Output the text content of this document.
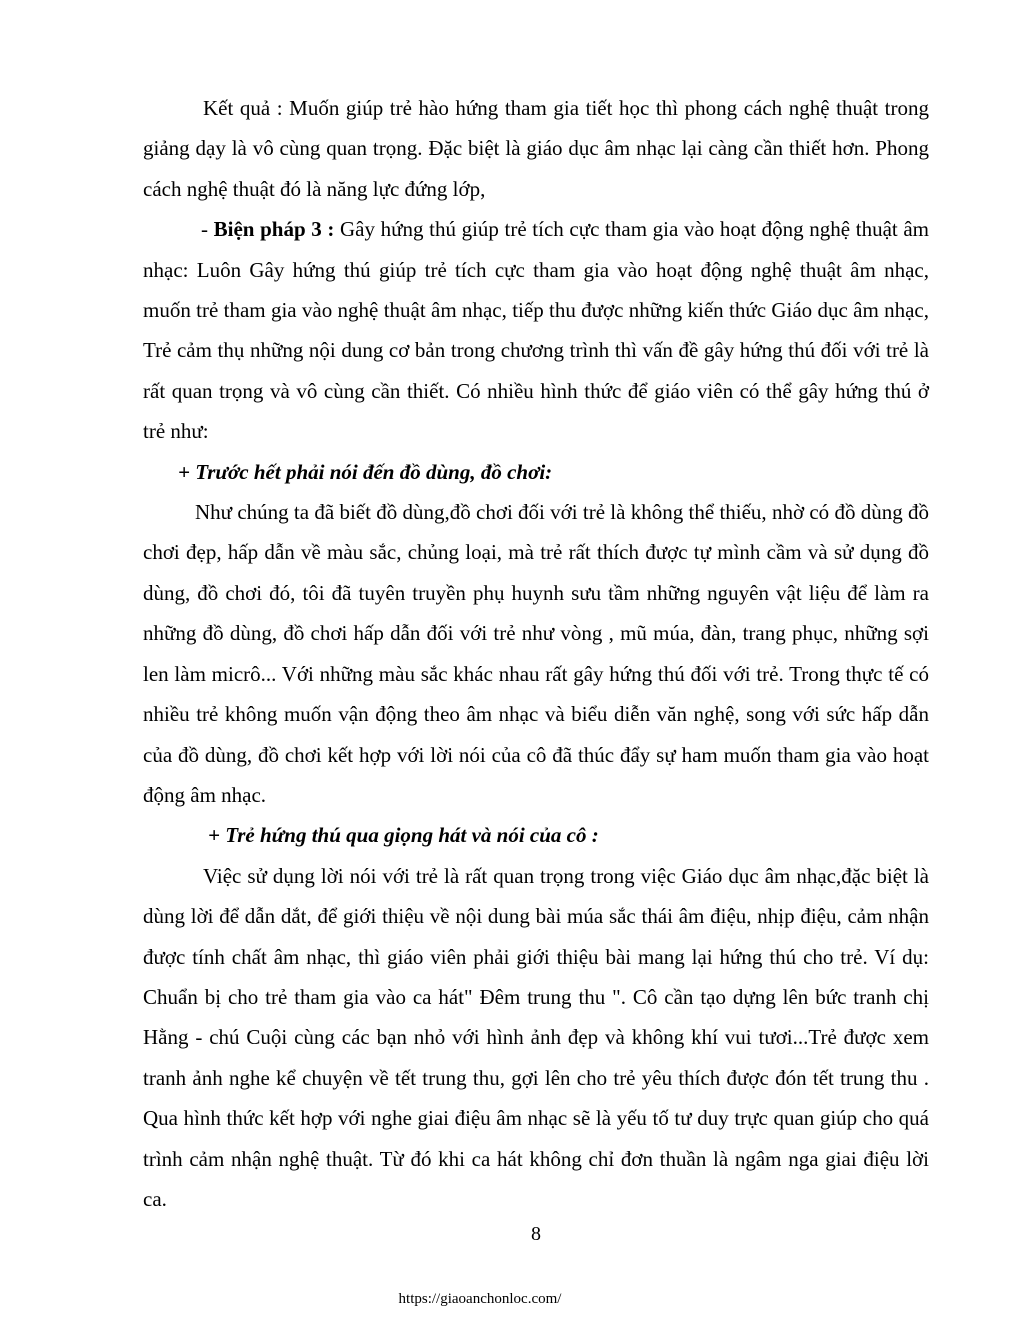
Kết quả : Muốn giúp trẻ hào hứng tham gia tiết học thì phong cách nghệ thuật trong giảng dạy là vô cùng quan trọng. Đặc biệt là giáo dục âm nhạc lại càng cần thiết hơn. Phong cách nghệ thuật đó là năng lực đứng lớp,

- Biện pháp 3 : Gây hứng thú giúp trẻ tích cực tham gia vào hoạt động nghệ thuật âm nhạc: Luôn Gây hứng thú giúp trẻ tích cực tham gia vào hoạt động nghệ thuật âm nhạc, muốn trẻ tham gia vào nghệ thuật âm nhạc, tiếp thu được những kiến thức Giáo dục âm nhạc, Trẻ cảm thụ những nội dung cơ bản trong chương trình thì vấn đề gây hứng thú đối với trẻ là rất quan trọng và vô cùng cần thiết. Có nhiều hình thức để giáo viên có thể gây hứng thú ở trẻ như:

+ Trước hết phải nói đến đồ dùng, đồ chơi:

Như chúng ta đã biết đồ dùng,đồ chơi đối với trẻ là không thể thiếu, nhờ có đồ dùng đồ chơi đẹp, hấp dẫn về màu sắc, chủng loại, mà trẻ rất thích được tự mình cầm và sử dụng đồ dùng, đồ chơi đó, tôi đã tuyên truyền phụ huynh sưu tầm những nguyên vật liệu để làm ra những đồ dùng, đồ chơi hấp dẫn đối với trẻ như vòng , mũ múa, đàn, trang phục, những sợi len làm micrô... Với những màu sắc khác nhau rất gây hứng thú đối với trẻ. Trong thực tế có nhiều trẻ không muốn vận động theo âm nhạc và biểu diễn văn nghệ, song với sức hấp dẫn của đồ dùng, đồ chơi kết hợp với lời nói của cô đã thúc đẩy sự ham muốn tham gia vào hoạt động âm nhạc.

+ Trẻ hứng thú qua giọng hát và nói của cô :

Việc sử dụng lời nói với trẻ là rất quan trọng trong việc Giáo dục âm nhạc,đặc biệt là dùng lời để dẫn dắt, để giới thiệu về nội dung bài múa sắc thái âm điệu, nhịp điệu, cảm nhận được tính chất âm nhạc, thì giáo viên phải giới thiệu bài mang lại hứng thú cho trẻ. Ví dụ: Chuẩn bị cho trẻ tham gia vào ca hát" Đêm trung thu ". Cô cần tạo dựng lên bức tranh chị Hằng - chú Cuội cùng các bạn nhỏ với hình ảnh đẹp và không khí vui tươi...Trẻ được xem tranh ảnh nghe kể chuyện về tết trung thu, gợi lên cho trẻ yêu thích được đón tết trung thu . Qua hình thức kết hợp với nghe giai điệu âm nhạc sẽ là yếu tố tư duy trực quan giúp cho quá trình cảm nhận nghệ thuật. Từ đó khi ca hát không chỉ đơn thuần là ngâm nga giai điệu lời ca.

8
https://giaoanchonloc.com/
